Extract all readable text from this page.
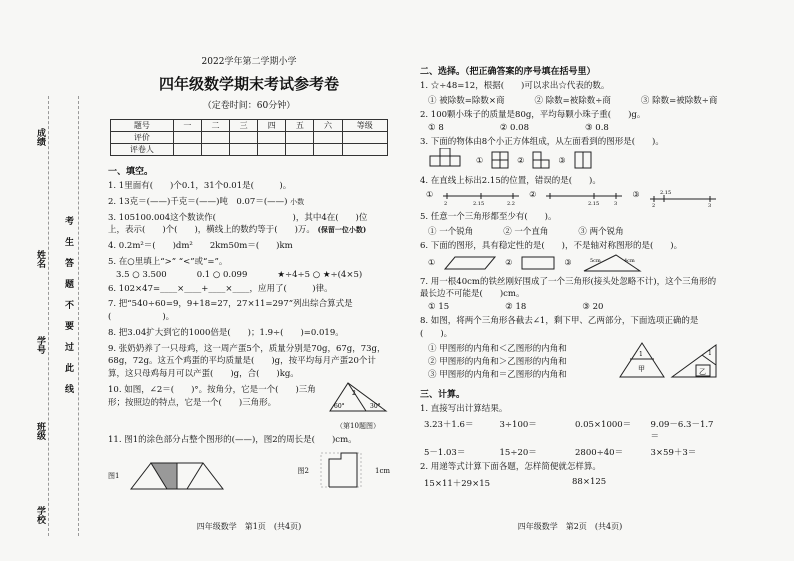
成绩
姓名
学号
班级
学校
考生答题不要过此线
2022学年第二学期小学
四年级数学期末考试参考卷
（定卷时间：60分钟）
题号	一	二	三	四	五	六	等级
评价							
评卷人							
一、填空。
1. 1里面有(　　)个0.1，31个0.01是(　　　)。
2. 13克＝(——)千克＝(——)吨　0.07＝(——) 小数
3. 105100.004这个数读作(　　　　　　　　　)，其中4在(　　)位
上，表示(　　)个(　　)，横线上的数约等于(　　)万。 (保留一位小数)
4. 0.2m²＝(　　)dm²　　2km50m＝(　　)km
5. 在○里填上“>” “<”或“=”。
3.5 ○ 3.500	0.1 ○ 0.099	★÷4÷5 ○ ★÷(4×5)
6. 102×47=____×____+____×____，应用了(　　　)律。
7. 把“540÷60=9，9+18=27，27×11=297”列出综合算式是(　　　　　　)。
8. 把3.04扩大到它的1000倍是(　　)；1.9÷(　　)=0.019。
9. 张奶奶养了一只母鸡，这一周产蛋5个，质量分别是70g，67g，73g，68g，72g。这五个鸡蛋的平均质量是(　　)g，按平均每月产蛋20个计算，这只母鸡每月可以产蛋(　　)g，合(　　)kg。
10. 如图，∠2＝(　　)°。按角分，它是一个(　　)三角形；按照边的特点，它是一个(　　)三角形。	60°	30°
2
（第10题图）
11. 图1的涂色部分占整个图形的(——)，图2的周长是(　　)cm。
图1
图2	1cm
四年级数学　第1页　(共4页)
二、选择。（把正确答案的序号填在括号里）
1. ☆÷48=12，根据(　　)可以求出☆代表的数。
① 被除数=除数×商	② 除数=被除数÷商	③ 除数=被除数÷商
2. 100颗小珠子的质量是80g，平均每颗小珠子重(　　)g。
① 8	② 0.08	③ 0.8
3. 下面的物体由8个小正方体组成，从左面看到的图形是(　　)。
①	②	③
4. 在直线上标出2.15的位置，错误的是(　　)。
①
2	2.15	2.2
②
2.15	3
③
2
2.15
3
5. 任意一个三角形都至少有(　　)。
① 一个锐角	② 一个直角	③ 两个锐角
6. 下面的图形，具有稳定性的是(　　)，不是轴对称图形的是(　　)。
①	②	③	5cm	4cm
7. 用一根40cm的铁丝刚好围成了一个三角形(接头处忽略不计)，这个三角形的最长边不可能是(　　)cm。
① 15	② 18	③ 20
8. 如图，将两个三角形各截去∠1，剩下甲、乙两部分，下面选项正确的是(　　)。
① 甲图形的内角和＜乙图形的内角和
② 甲图形的内角和＞乙图形的内角和
③ 甲图形的内角和＝乙图形的内角和
1
甲
1
乙
三、计算。
1. 直接写出计算结果。
3.23＋1.6＝	3÷100＝	0.05×1000＝	9.09－6.3－1.7＝
5－1.03＝	15÷20＝	2800÷40＝	3×59＋3＝
2. 用递等式计算下面各题，怎样简便就怎样算。
15×11＋29×15	88×125
四年级数学　第2页　(共4页)
